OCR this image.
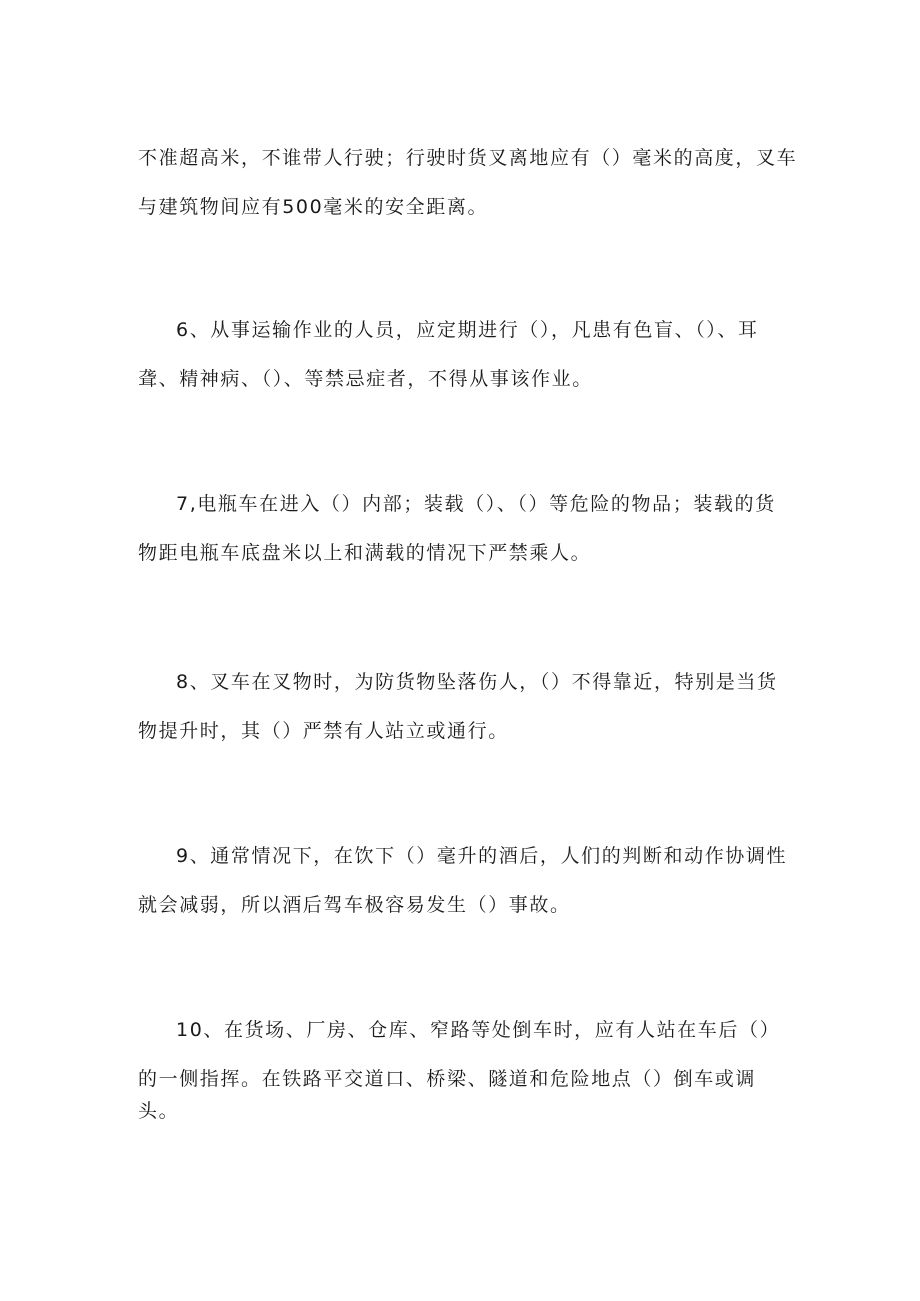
不准超高米，不谁带人行驶；行驶时货叉离地应有（）毫米的高度，叉车
与建筑物间应有500毫米的安全距离。
6、从事运输作业的人员，应定期进行（），凡患有色盲、（）、耳
聋、精神病、（）、等禁忌症者，不得从事该作业。
7,电瓶车在进入（）内部；装载（）、（）等危险的物品；装载的货
物距电瓶车底盘米以上和满载的情况下严禁乘人。
8、叉车在叉物时，为防货物坠落伤人，（）不得靠近，特别是当货
物提升时，其（）严禁有人站立或通行。
9、通常情况下，在饮下（）毫升的酒后，人们的判断和动作协调性
就会减弱，所以酒后驾车极容易发生（）事故。
10、在货场、厂房、仓库、窄路等处倒车时，应有人站在车后（）
的一侧指挥。在铁路平交道口、桥梁、隧道和危险地点（）倒车或调
头。
